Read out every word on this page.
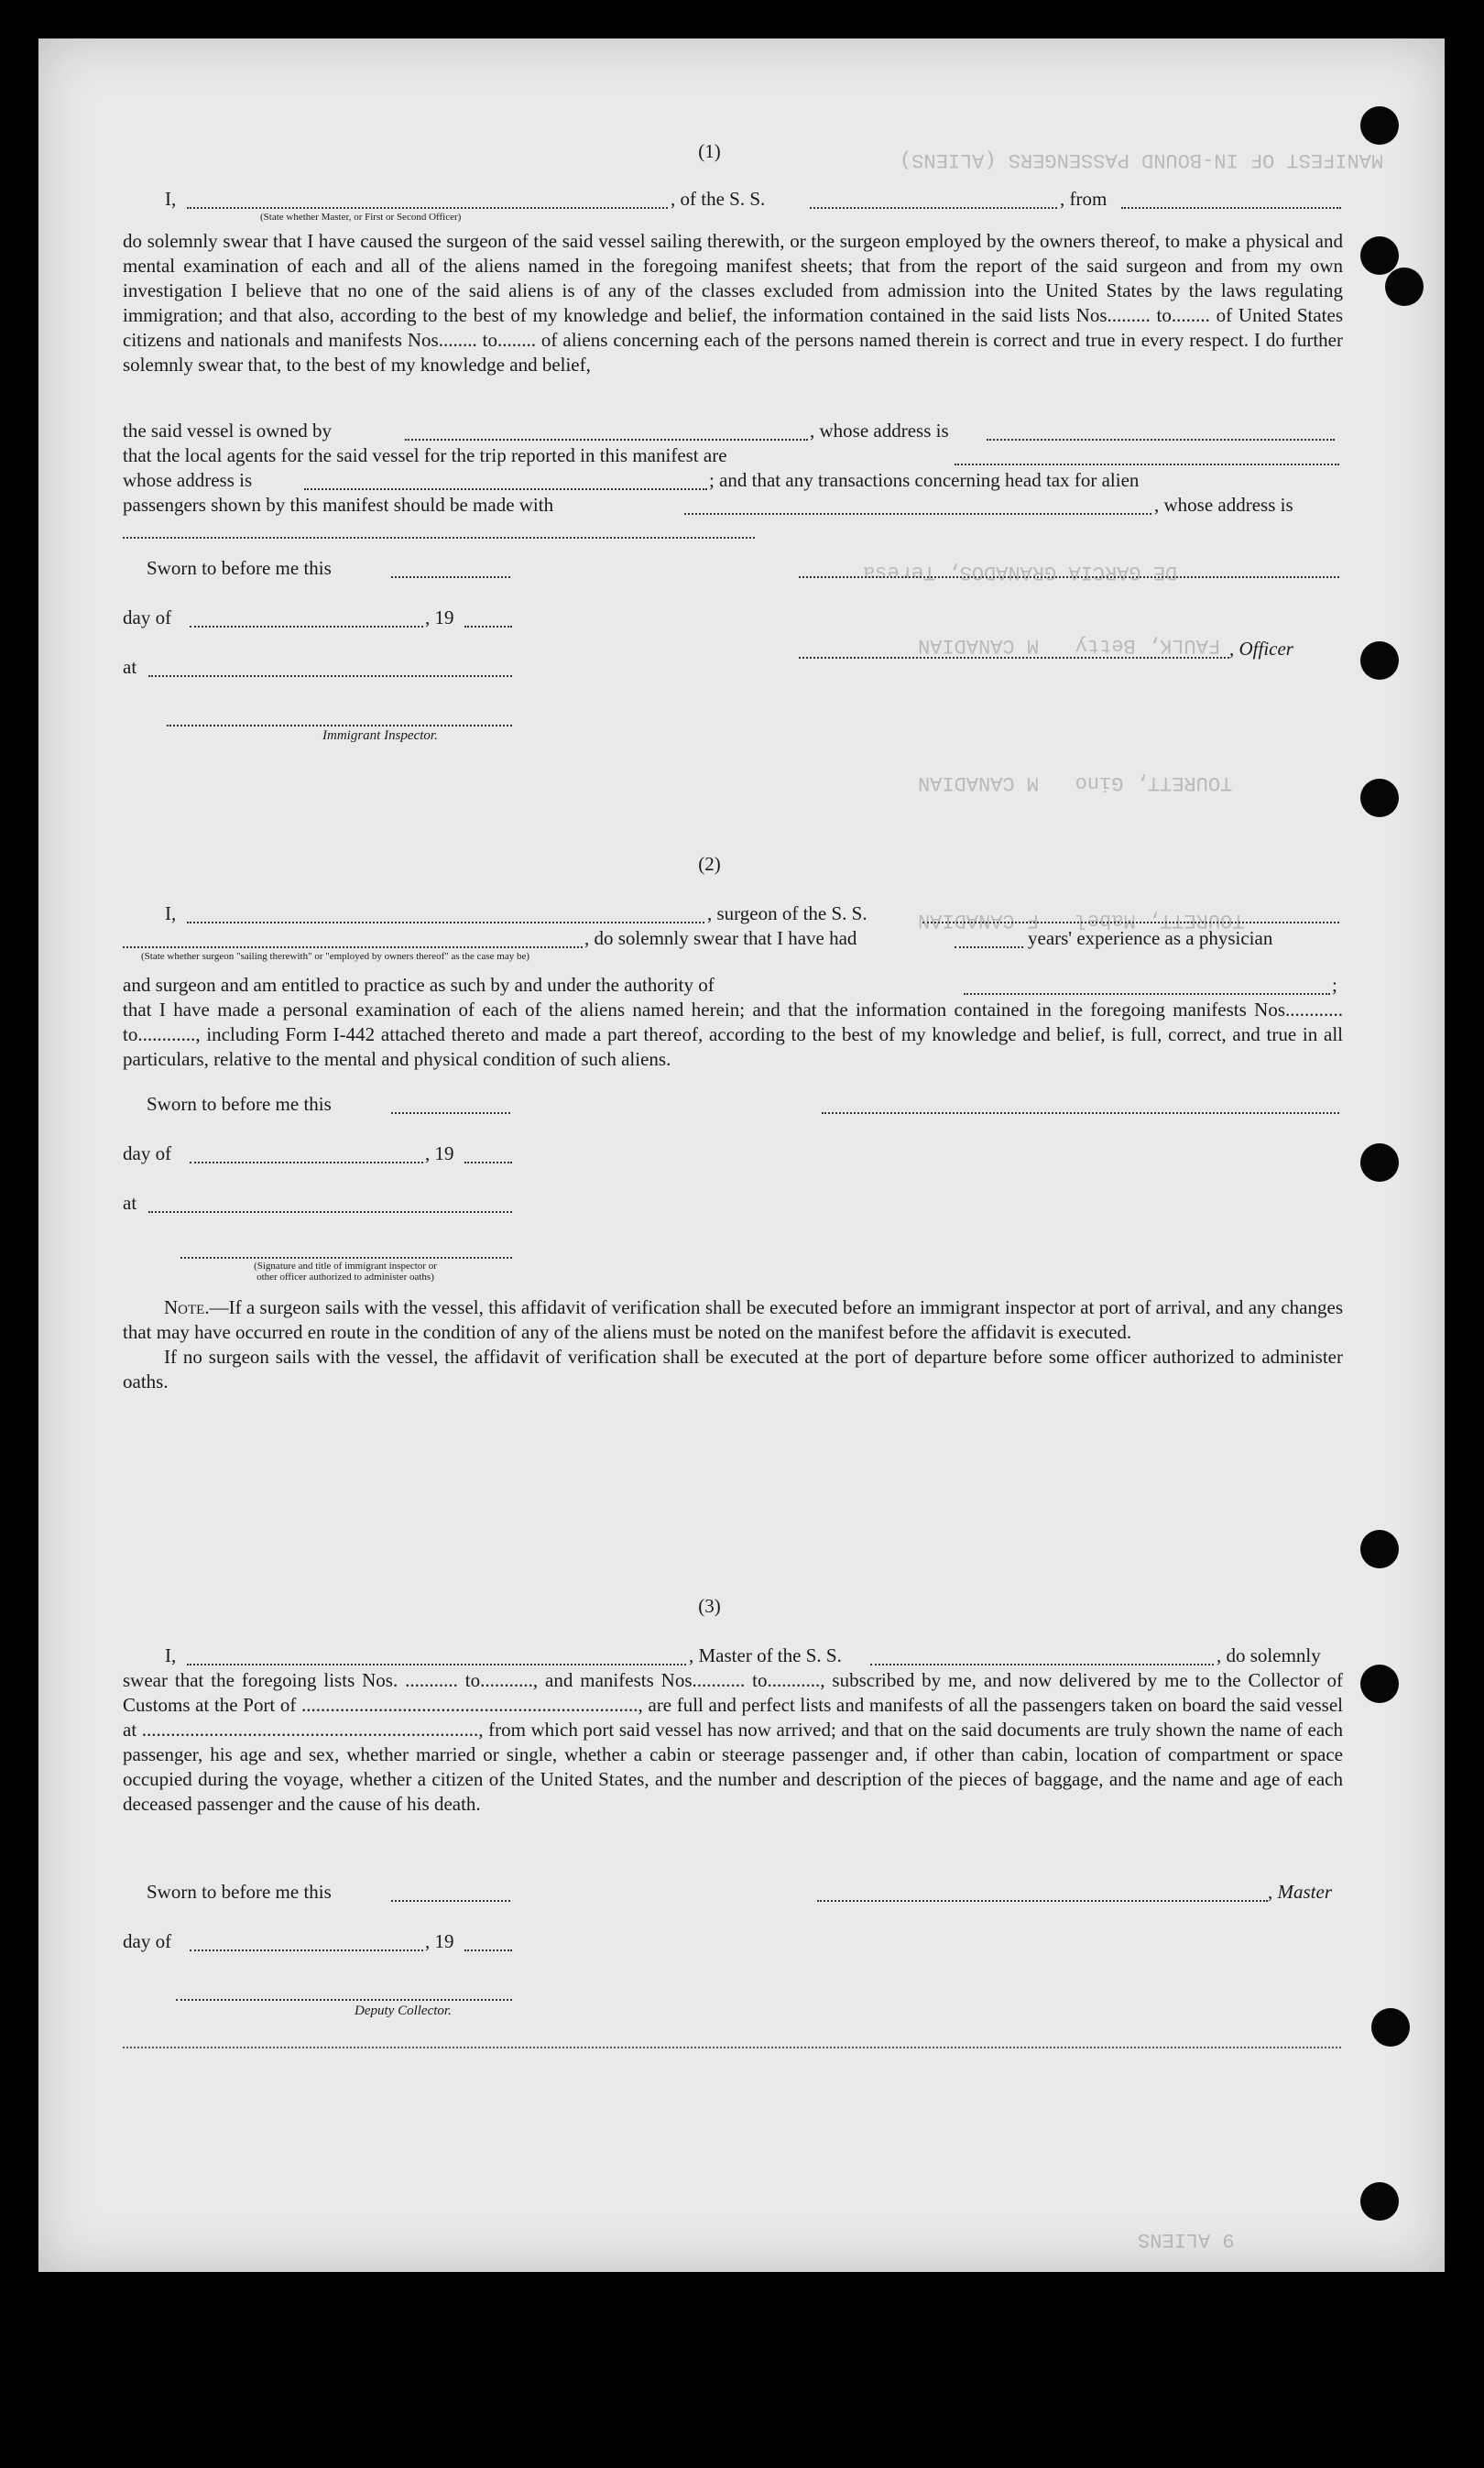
MANIFEST OF IN-BOUND PASSENGERS (ALIENS)
DE GARCIA GRANADOS, Teresa
FAULK, Betty   M CANADIAN
TOURETT, Gino   M CANADIAN
TOURETT, Mabel   F CANADIAN
9 ALIENS
(1)
I,	, of the S. S.	, from
(State whether Master, or First or Second Officer)

do solemnly swear that I have caused the surgeon of the said vessel sailing therewith, or the surgeon employed by the owners thereof, to make a physical and mental examination of each and all of the aliens named in the foregoing manifest sheets; that from the report of the said surgeon and from my own investigation I believe that no one of the said aliens is of any of the classes excluded from admission into the United States by the laws regulating immigration; and that also, according to the best of my knowledge and belief, the information contained in the said lists Nos......... to........ of United States citizens and nationals and manifests Nos........ to........ of aliens concerning each of the persons named therein is correct and true in every respect. I do further solemnly swear that, to the best of my knowledge and belief,

the said vessel is owned by	, whose address is
that the local agents for the said vessel for the trip reported in this manifest are
whose address is	; and that any transactions concerning head tax for alien
passengers shown by this manifest should be made with	, whose address is
Sworn to before me this
day of	, 19
, Officer
at
Immigrant Inspector.
(2)
I,	, surgeon of the S. S.
, do solemnly swear that I have had	years' experience as a physician
(State whether surgeon "sailing therewith" or "employed by owners thereof" as the case may be)
and surgeon and am entitled to practice as such by and under the authority of	;

that I have made a personal examination of each of the aliens named herein; and that the information contained in the foregoing manifests Nos............ to............, including Form I-442 attached thereto and made a part thereof, according to the best of my knowledge and belief, is full, correct, and true in all particulars, relative to the mental and physical condition of such aliens.

Sworn to before me this
day of	, 19
at
(Signature and title of immigrant inspector or
other officer authorized to administer oaths)

Note.—If a surgeon sails with the vessel, this affidavit of verification shall be executed before an immigrant inspector at port of arrival, and any changes that may have occurred en route in the condition of any of the aliens must be noted on the manifest before the affidavit is executed.

If no surgeon sails with the vessel, the affidavit of verification shall be executed at the port of departure before some officer authorized to administer oaths.

(3)
I,	, Master of the S. S.	, do solemnly

swear that the foregoing lists Nos. ........... to..........., and manifests Nos........... to..........., subscribed by me, and now delivered by me to the Collector of Customs at the Port of ......................................................................, are full and perfect lists and manifests of all the passengers taken on board the said vessel at ......................................................................, from which port said vessel has now arrived; and that on the said documents are truly shown the name of each passenger, his age and sex, whether married or single, whether a cabin or steerage passenger and, if other than cabin, location of compartment or space occupied during the voyage, whether a citizen of the United States, and the number and description of the pieces of baggage, and the name and age of each deceased passenger and the cause of his death.

Sworn to before me this	, Master
day of	, 19
Deputy Collector.
